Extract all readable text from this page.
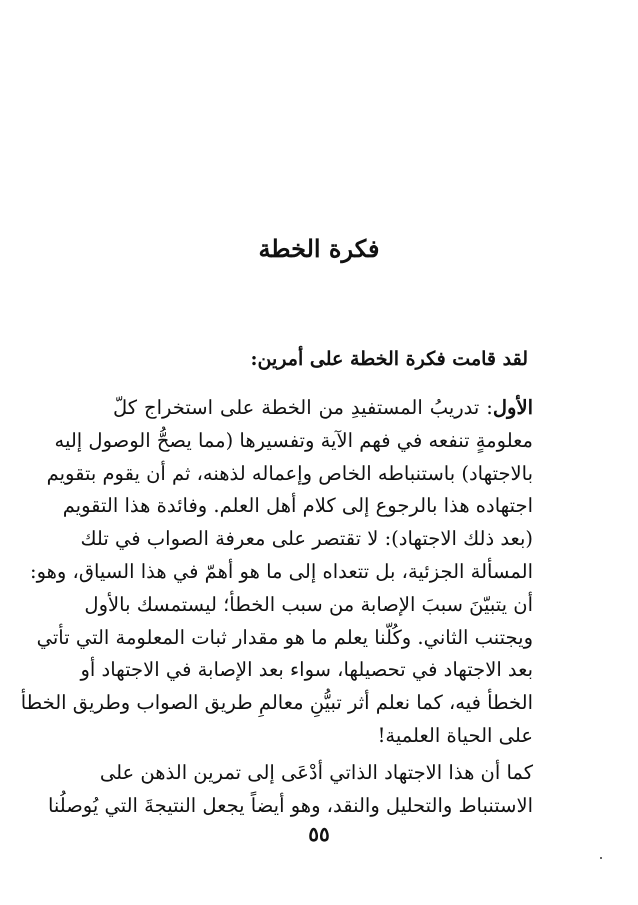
فكرة الخطة
لقد قامت فكرة الخطة على أمرين:
الأول: تدريبُ المستفيدِ من الخطة على استخراج كلّ
معلومةٍ تنفعه في فهم الآية وتفسيرها (مما يصحُّ الوصول إليه
بالاجتهاد) باستنباطه الخاص وإعماله لذهنه، ثم أن يقوم بتقويم
اجتهاده هذا بالرجوع إلى كلام أهل العلم. وفائدة هذا التقويم
(بعد ذلك الاجتهاد): لا تقتصر على معرفة الصواب في تلك
المسألة الجزئية، بل تتعداه إلى ما هو أهمّ في هذا السياق، وهو:
أن يتبيّنَ سببَ الإصابة من سبب الخطأ؛ ليستمسك بالأول
ويجتنب الثاني. وكُلّنا يعلم ما هو مقدار ثبات المعلومة التي تأتي
بعد الاجتهاد في تحصيلها، سواء بعد الإصابة في الاجتهاد أو
الخطأ فيه، كما نعلم أثر تبيُّنِ معالمِ طريق الصواب وطريق الخطأ
على الحياة العلمية!
كما أن هذا الاجتهاد الذاتي أدْعَى إلى تمرين الذهن على
الاستنباط والتحليل والنقد، وهو أيضاً يجعل النتيجةَ التي يُوصلُنا
٥٥
